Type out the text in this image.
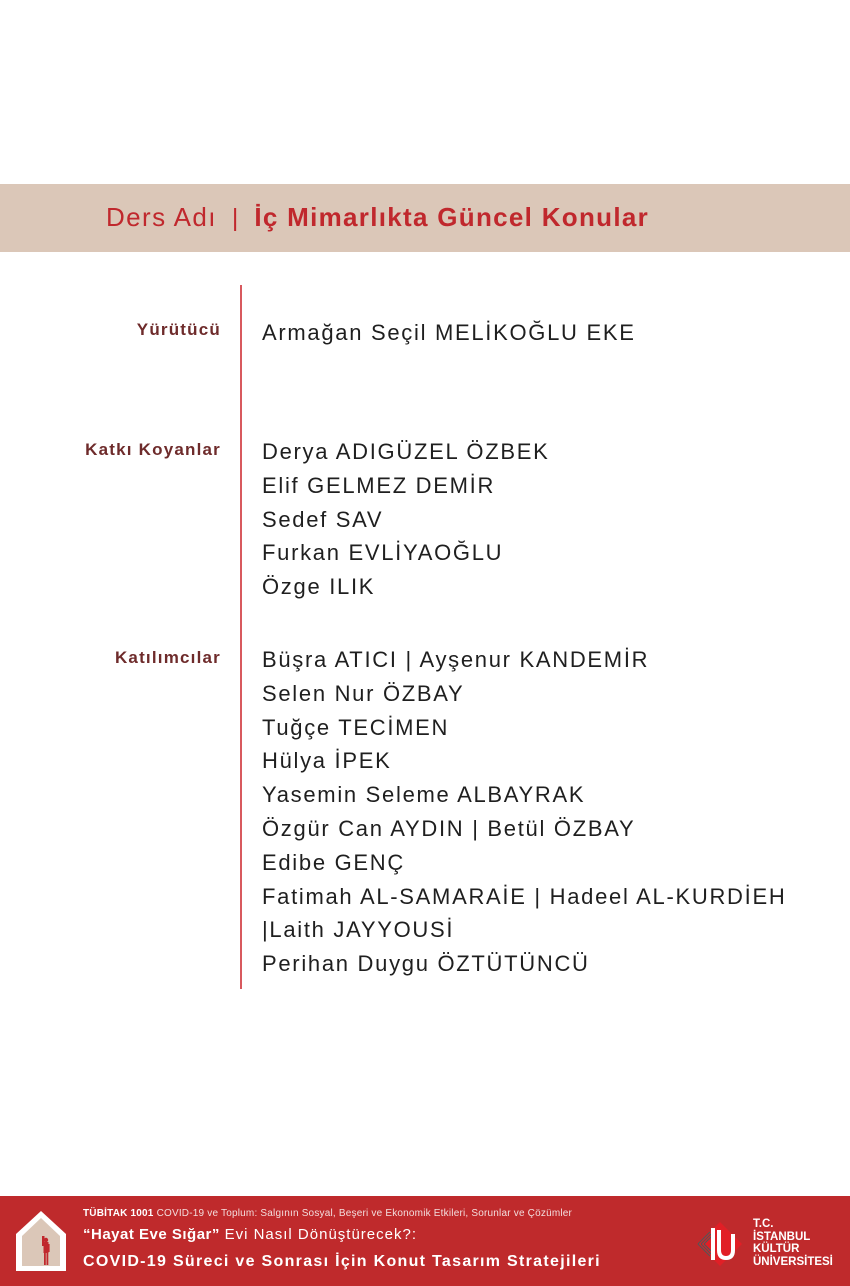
Ders Adı | İç Mimarlıkta Güncel Konular
Yürütücü Armağan Seçil MELİKOĞLU EKE
Katkı Koyanlar Derya ADIGÜZEL ÖZBEK
Elif GELMEZ DEMİR
Sedef SAV
Furkan EVLİYAOĞLU
Özge ILIK
Katılımcılar Büşra ATICI | Ayşenur KANDEMİR
Selen Nur ÖZBAY
Tuğçe TECİMEN
Hülya İPEK
Yasemin Seleme ALBAYRAK
Özgür Can AYDIN | Betül ÖZBAY
Edibe GENÇ
Fatimah AL-SAMARAİE | Hadeel AL-KURDİEH
|Laith JAYYOUSİ
Perihan Duygu ÖZTÜTÜNCÜ
TÜBİTAK 1001 COVID-19 ve Toplum: Salgının Sosyal, Beşeri ve Ekonomik Etkileri, Sorunlar ve Çözümler
“Hayat Eve Sığar” Evi Nasıl Dönüştürecek?:
COVID-19 Süreci ve Sonrası İçin Konut Tasarım Stratejileri
T.C.
İSTANBUL
KÜLTÜR
ÜNİVERSİTESİ
